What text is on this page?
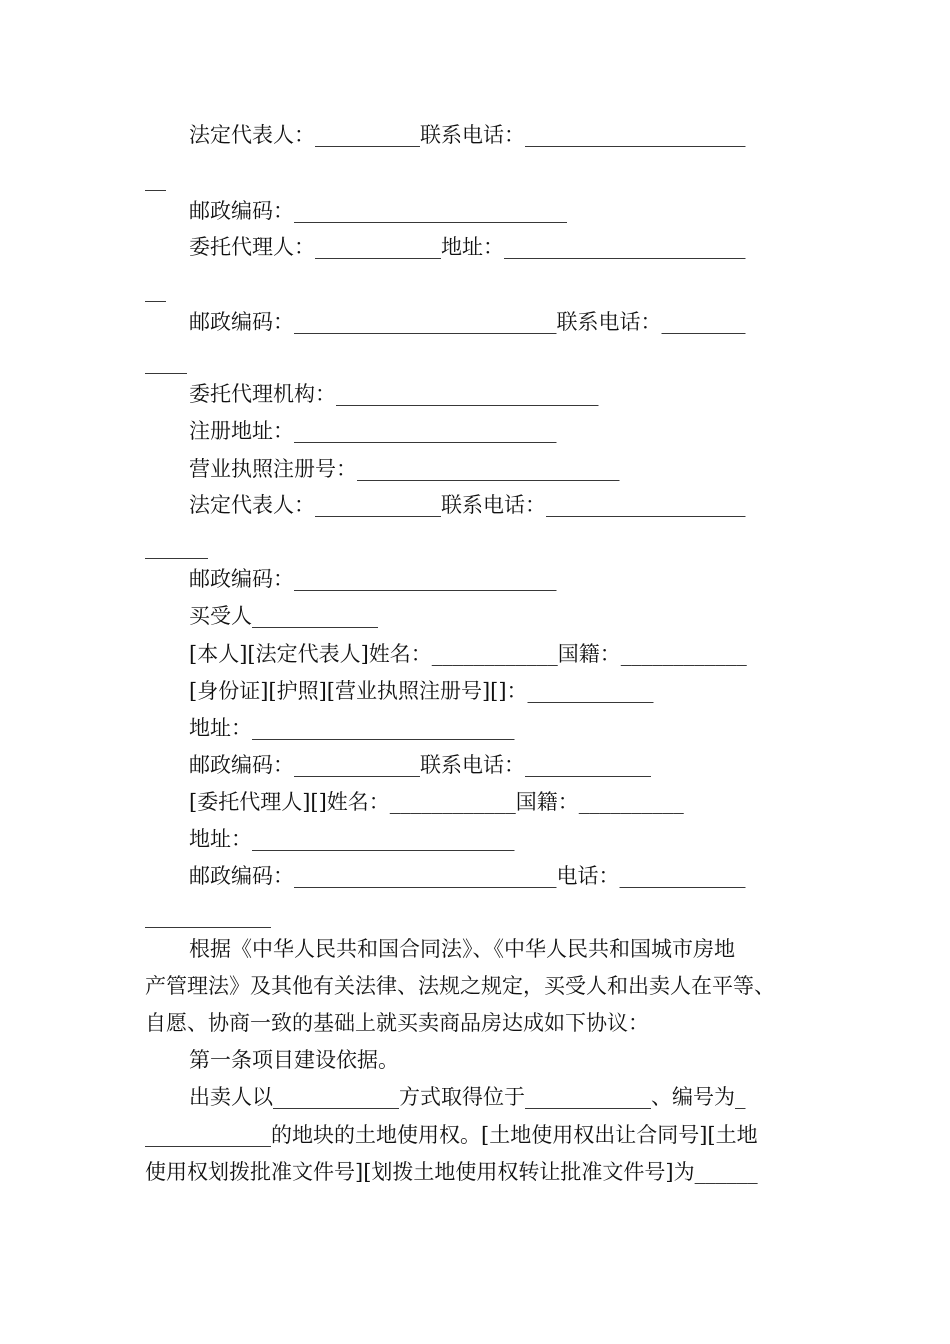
法定代表人：__________联系电话：_____________________
__
邮政编码：__________________________
委托代理人：____________地址：_______________________
__
邮政编码：_________________________联系电话：________
____
委托代理机构：_________________________
注册地址：_________________________
营业执照注册号：_________________________
法定代表人：____________联系电话：___________________
______
邮政编码：_________________________
买受人____________
[本人][法定代表人]姓名：____________国籍：____________
[身份证][护照][营业执照注册号][]：____________
地址：_________________________
邮政编码：____________联系电话：____________
[委托代理人][]姓名：____________国籍：__________
地址：_________________________
邮政编码：_________________________电话：____________
____________
根据《中华人民共和国合同法》、《中华人民共和国城市房地
产管理法》及其他有关法律、法规之规定，买受人和出卖人在平等、
自愿、协商一致的基础上就买卖商品房达成如下协议：
第一条项目建设依据。
出卖人以____________方式取得位于____________、编号为_
____________的地块的土地使用权。[土地使用权出让合同号][土地
使用权划拨批准文件号][划拨土地使用权转让批准文件号]为______
